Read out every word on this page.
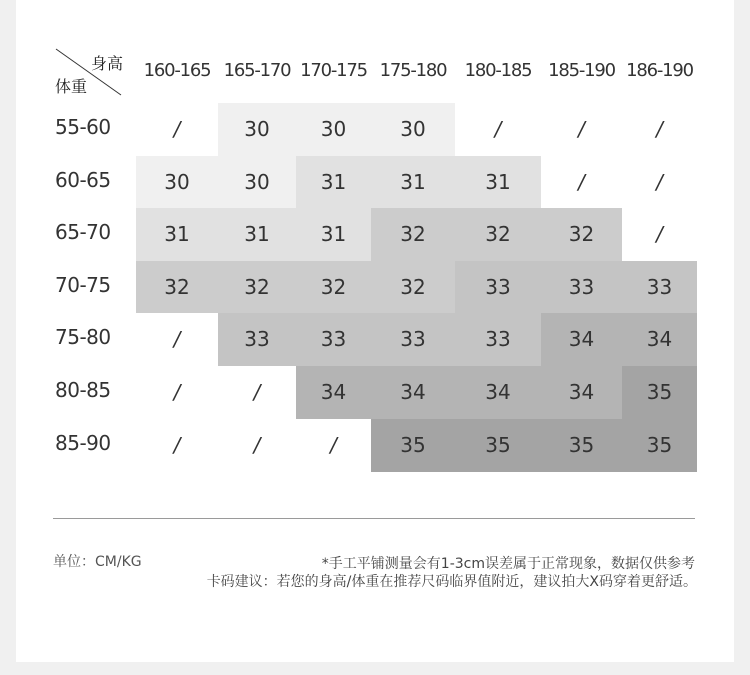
身高
体重
160-165 165-170 170-175 175-180	180-185 185-190 186-190
55-60	/	30	30	30	/	/	/
60-65	30	30	31	31	31	/	/
65-70	31	31	31	32	32	32	/
70-75	32	32	32	32	33	33	33
75-80	/	33	33	33	33	34	34
80-85	/	/	34	34	34	34	35
85-90	/	/	/	35	35	35	35
单位：CM/KG	*手工平铺测量会有1-3cm误差属于正常现象，数据仅供参考
卡码建议：若您的身高/体重在推荐尺码临界值附近，建议拍大X码穿着更舒适。
